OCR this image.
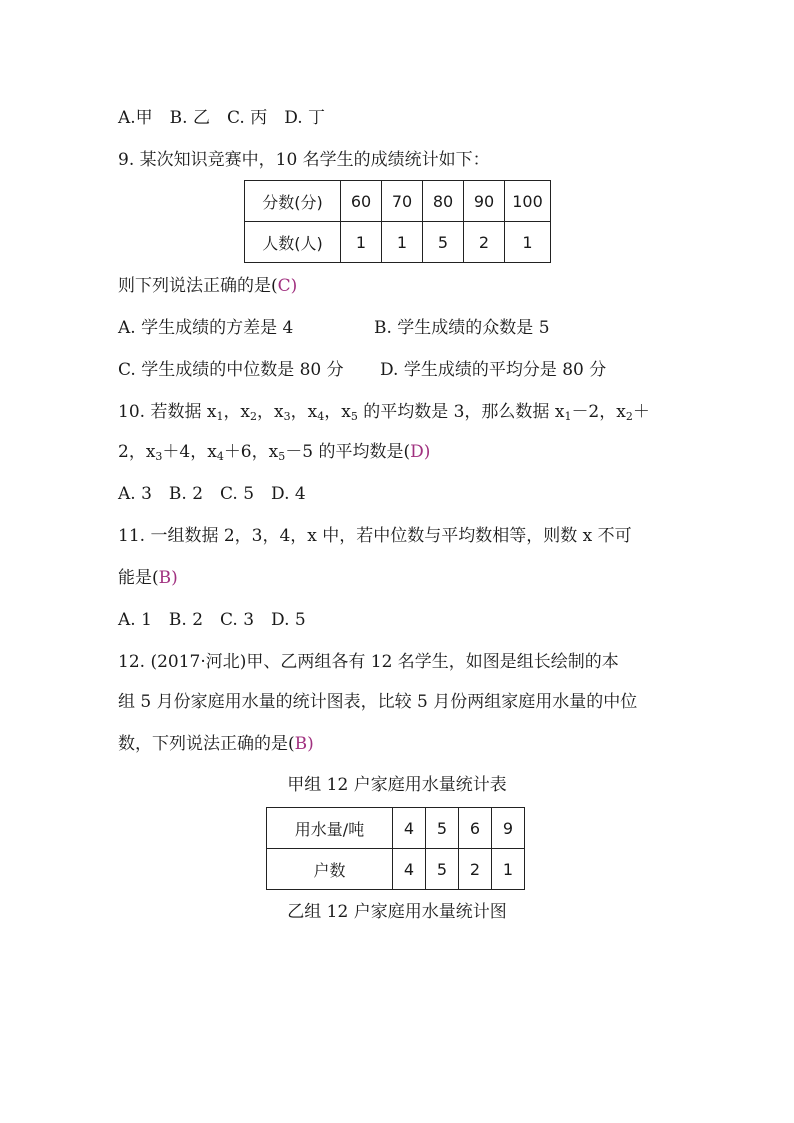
A.甲　B. 乙　C. 丙　D. 丁
9. 某次知识竞赛中，10 名学生的成绩统计如下：
分数(分)	60	70	80	90	100
人数(人)	1	1	5	2	1
则下列说法正确的是(C)
A. 学生成绩的方差是 4	B. 学生成绩的众数是 5
C. 学生成绩的中位数是 80 分 D. 学生成绩的平均分是 80 分
10. 若数据 $x_1$，$x_2$，$x_3$，$x_4$，$x_5$ 的平均数是 3，那么数据 $x_1-2$，$x_2+$
2，$x_3+4$，$x_4+6$，$x_5-5$ 的平均数是(D)
A. 3　B. 2　C. 5　D. 4
11. 一组数据 2，3，4，x 中，若中位数与平均数相等，则数 x 不可
能是(B)
A. 1　B. 2　C. 3　D. 5
12. (2017·河北)甲、乙两组各有 12 名学生，如图是组长绘制的本
组 5 月份家庭用水量的统计图表，比较 5 月份两组家庭用水量的中位
数，下列说法正确的是(B)
甲组 12 户家庭用水量统计表
用水量/吨	4	5	6	9
户数	4	5	2	1
乙组 12 户家庭用水量统计图
